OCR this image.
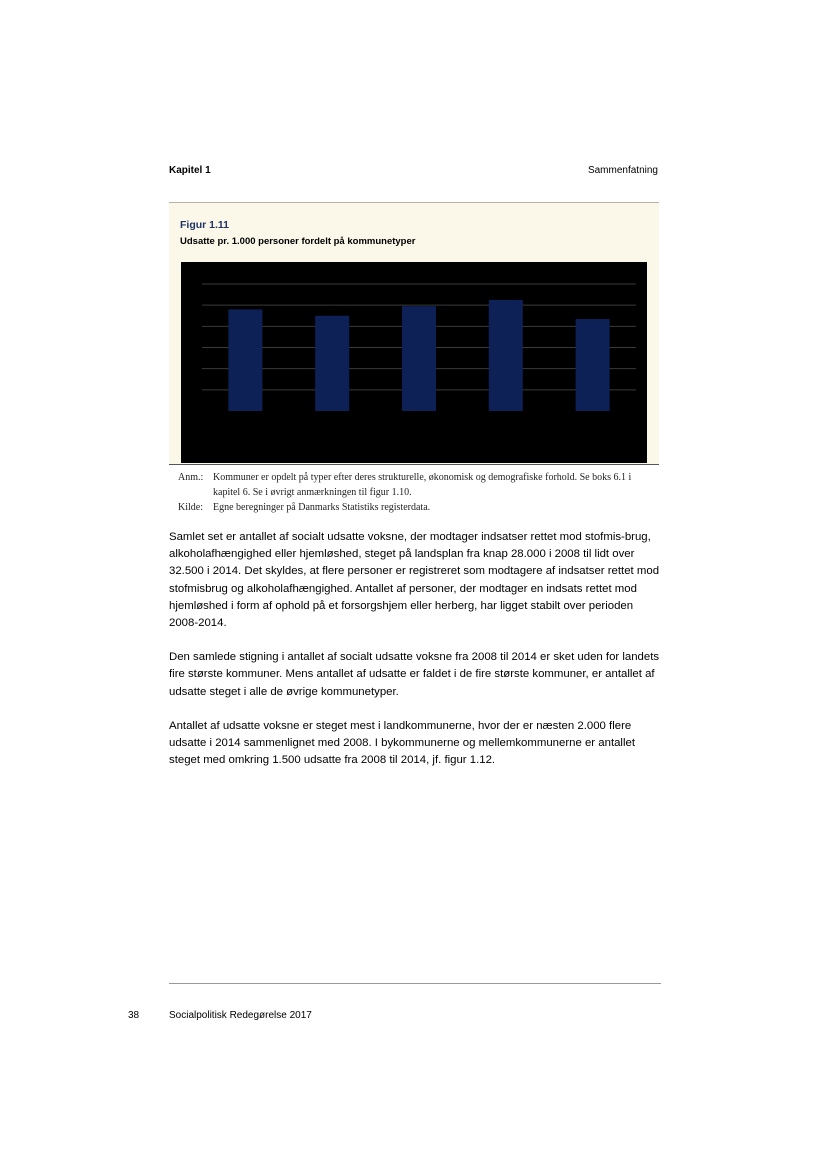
Kapitel 1	Sammenfatning
Figur 1.11
Udsatte pr. 1.000 personer fordelt på kommunetyper
Anm.: Kommuner er opdelt på typer efter deres strukturelle, økonomisk og demografiske forhold. Se boks 6.1 i kapitel 6. Se i øvrigt anmærkningen til figur 1.10.
Kilde:	Egne beregninger på Danmarks Statistiks registerdata.

Samlet set er antallet af socialt udsatte voksne, der modtager indsatser rettet mod stofmis-brug, alkoholafhængighed eller hjemløshed, steget på landsplan fra knap 28.000 i 2008 til lidt over 32.500 i 2014. Det skyldes, at flere personer er registreret som modtagere af indsatser rettet mod stofmisbrug og alkoholafhængighed. Antallet af personer, der modtager en indsats rettet mod hjemløshed i form af ophold på et forsorgshjem eller herberg, har ligget stabilt over perioden 2008-2014.

Den samlede stigning i antallet af socialt udsatte voksne fra 2008 til 2014 er sket uden for landets fire største kommuner. Mens antallet af udsatte er faldet i de fire største kommuner, er antallet af udsatte steget i alle de øvrige kommunetyper.

Antallet af udsatte voksne er steget mest i landkommunerne, hvor der er næsten 2.000 flere udsatte i 2014 sammenlignet med 2008. I bykommunerne og mellemkommunerne er antallet steget med omkring 1.500 udsatte fra 2008 til 2014, jf. figur 1.12.

38	Socialpolitisk Redegørelse 2017
